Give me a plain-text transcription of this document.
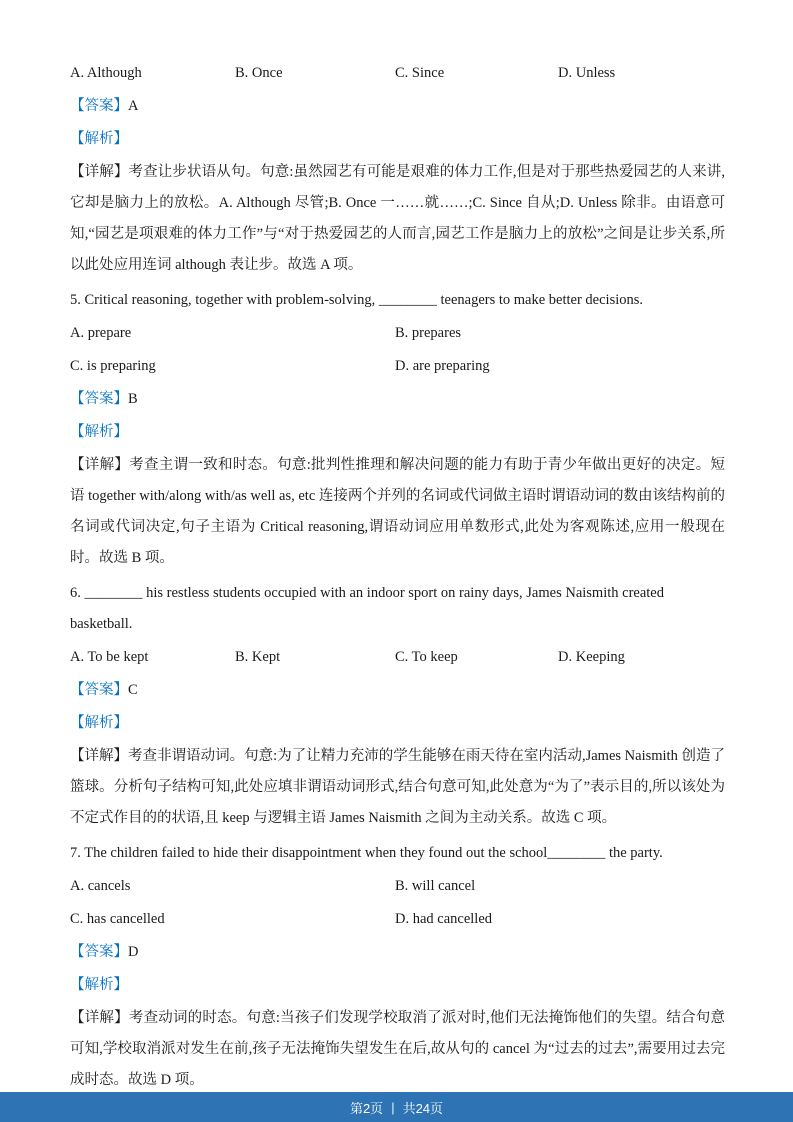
A. Although	B. Once	C. Since	D. Unless
【答案】A
【解析】

【详解】考查让步状语从句。句意:虽然园艺有可能是艰难的体力工作,但是对于那些热爱园艺的人来讲,它却是脑力上的放松。A. Although 尽管;B. Once 一……就……;C. Since 自从;D. Unless 除非。由语意可知,“园艺是项艰难的体力工作”与“对于热爱园艺的人而言,园艺工作是脑力上的放松”之间是让步关系,所以此处应用连词 although 表让步。故选 A 项。

5. Critical reasoning, together with problem-solving, ________ teenagers to make better decisions.

A. prepare	B. prepares
C. is preparing	D. are preparing
【答案】B
【解析】

【详解】考查主谓一致和时态。句意:批判性推理和解决问题的能力有助于青少年做出更好的决定。短语 together with/along with/as well as, etc 连接两个并列的名词或代词做主语时谓语动词的数由该结构前的名词或代词决定,句子主语为 Critical reasoning,谓语动词应用单数形式,此处为客观陈述,应用一般现在时。故选 B 项。

6. ________ his restless students occupied with an indoor sport on rainy days, James Naismith created basketball.

A. To be kept	B. Kept	C. To keep	D. Keeping
【答案】C
【解析】

【详解】考查非谓语动词。句意:为了让精力充沛的学生能够在雨天待在室内活动,James Naismith 创造了篮球。分析句子结构可知,此处应填非谓语动词形式,结合句意可知,此处意为“为了”表示目的,所以该处为不定式作目的的状语,且 keep 与逻辑主语 James Naismith 之间为主动关系。故选 C 项。

7. The children failed to hide their disappointment when they found out the school________ the party.

A. cancels	B. will cancel
C. has cancelled	D. had cancelled
【答案】D
【解析】

【详解】考查动词的时态。句意:当孩子们发现学校取消了派对时,他们无法掩饰他们的失望。结合句意可知,学校取消派对发生在前,孩子无法掩饰失望发生在后,故从句的 cancel 为“过去的过去”,需要用过去完成时态。故选 D 项。

第2页 | 共24页
